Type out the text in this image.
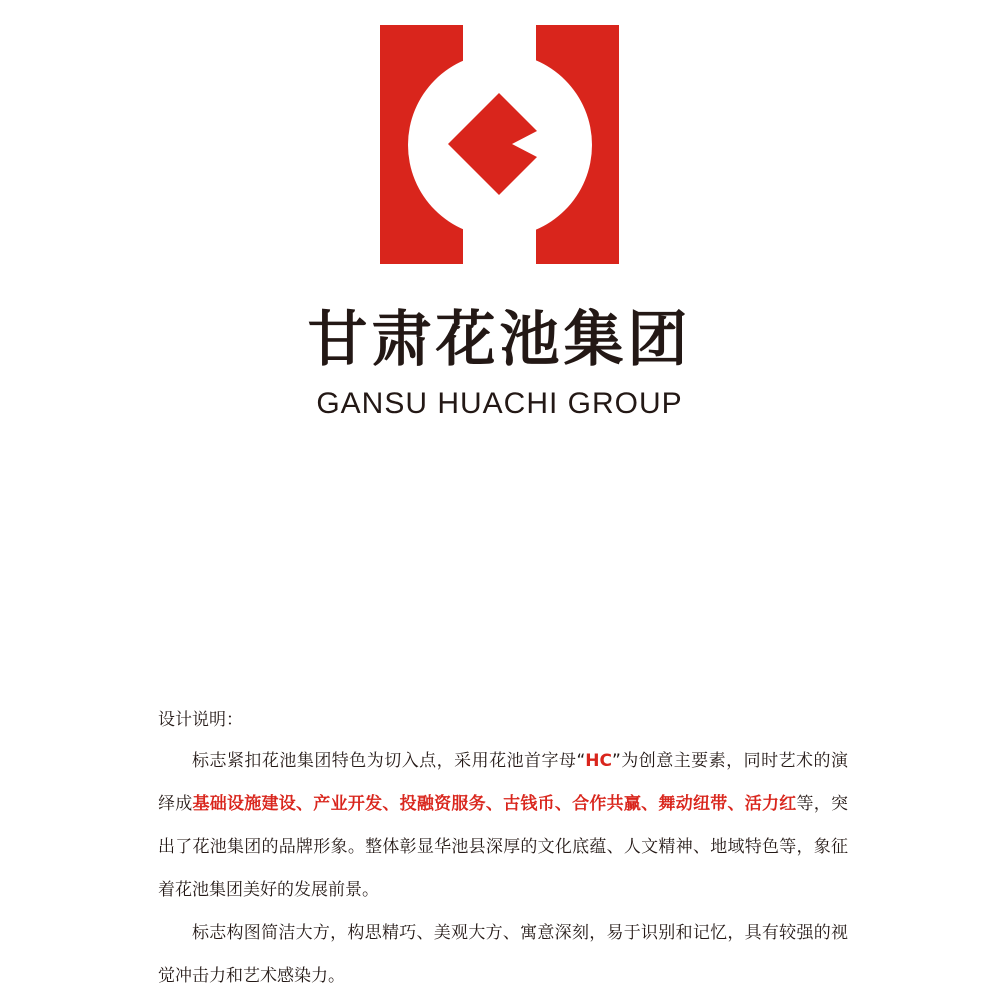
甘肃花池集团
GANSU HUACHI GROUP

设计说明：

标志紧扣花池集团特色为切入点，采用花池首字母“HC”为创意主要素，同时艺术的演绎成基础设施建设、产业开发、投融资服务、古钱币、合作共赢、舞动纽带、活力红等，突出了花池集团的品牌形象。整体彰显华池县深厚的文化底蕴、人文精神、地域特色等，象征着花池集团美好的发展前景。

标志构图简洁大方，构思精巧、美观大方、寓意深刻，易于识别和记忆，具有较强的视觉冲击力和艺术感染力。
